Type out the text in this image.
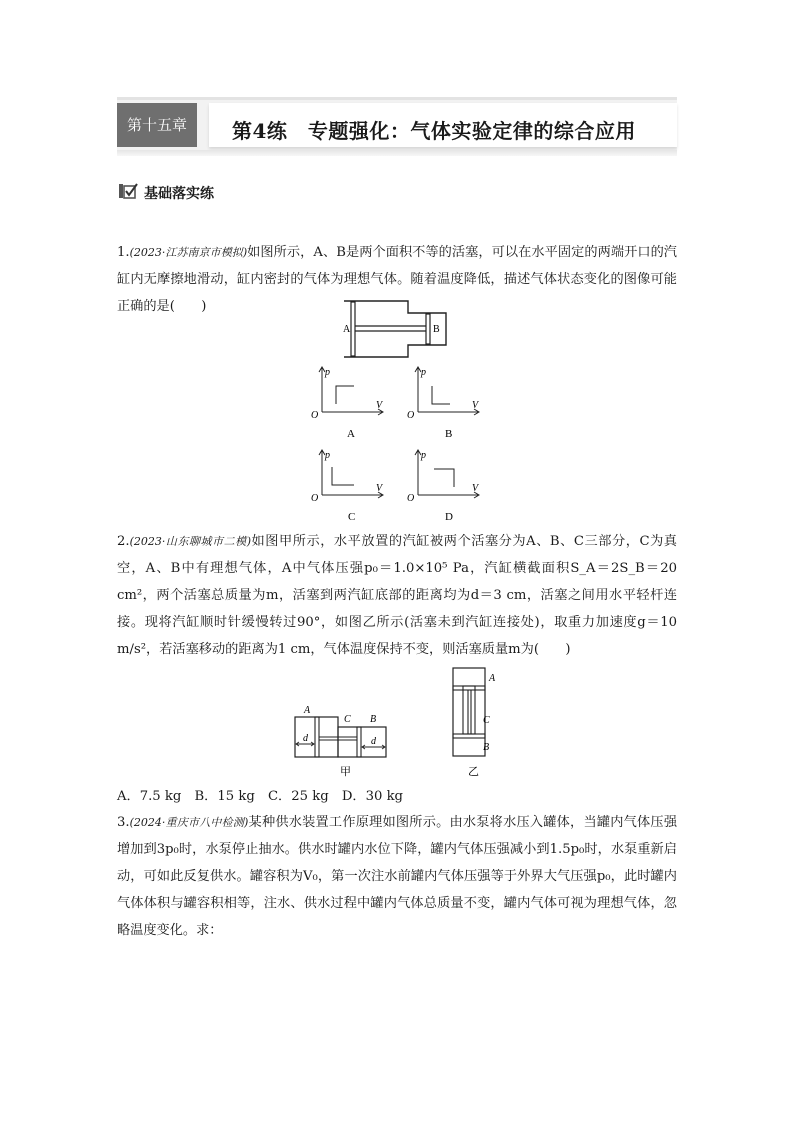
第十五章	第4练　专题强化：气体实验定律的综合应用
基础落实练
1.(2023·江苏南京市模拟)如图所示，A、B是两个面积不等的活塞，可以在水平固定的两端开口的汽缸内无摩擦地滑动，缸内密封的气体为理想气体。随着温度降低，描述气体状态变化的图像可能正确的是(　　)
A	B
O
p
V
A
O
p
V
B
O
p
V
C
O
p
V
D
2.(2023·山东聊城市二模)如图甲所示，水平放置的汽缸被两个活塞分为A、B、C三部分，C为真空，A、B中有理想气体，A中气体压强p₀＝1.0×10⁵ Pa，汽缸横截面积S_A＝2S_B＝20 cm²，两个活塞总质量为m，活塞到两汽缸底部的距离均为d＝3 cm，活塞之间用水平轻杆连接。现将汽缸顺时针缓慢转过90°，如图乙所示(活塞未到汽缸连接处)，取重力加速度g＝10 m/s²，若活塞移动的距离为1 cm，气体温度保持不变，则活塞质量m为(　　)
d	d
A
C B
甲
A
C
B
乙
A．7.5 kg　B．15 kg　C．25 kg　D．30 kg
3.(2024·重庆市八中检测)某种供水装置工作原理如图所示。由水泵将水压入罐体，当罐内气体压强增加到3p₀时，水泵停止抽水。供水时罐内水位下降，罐内气体压强减小到1.5p₀时，水泵重新启动，可如此反复供水。罐容积为V₀，第一次注水前罐内气体压强等于外界大气压强p₀，此时罐内气体体积与罐容积相等，注水、供水过程中罐内气体总质量不变，罐内气体可视为理想气体，忽略温度变化。求：
